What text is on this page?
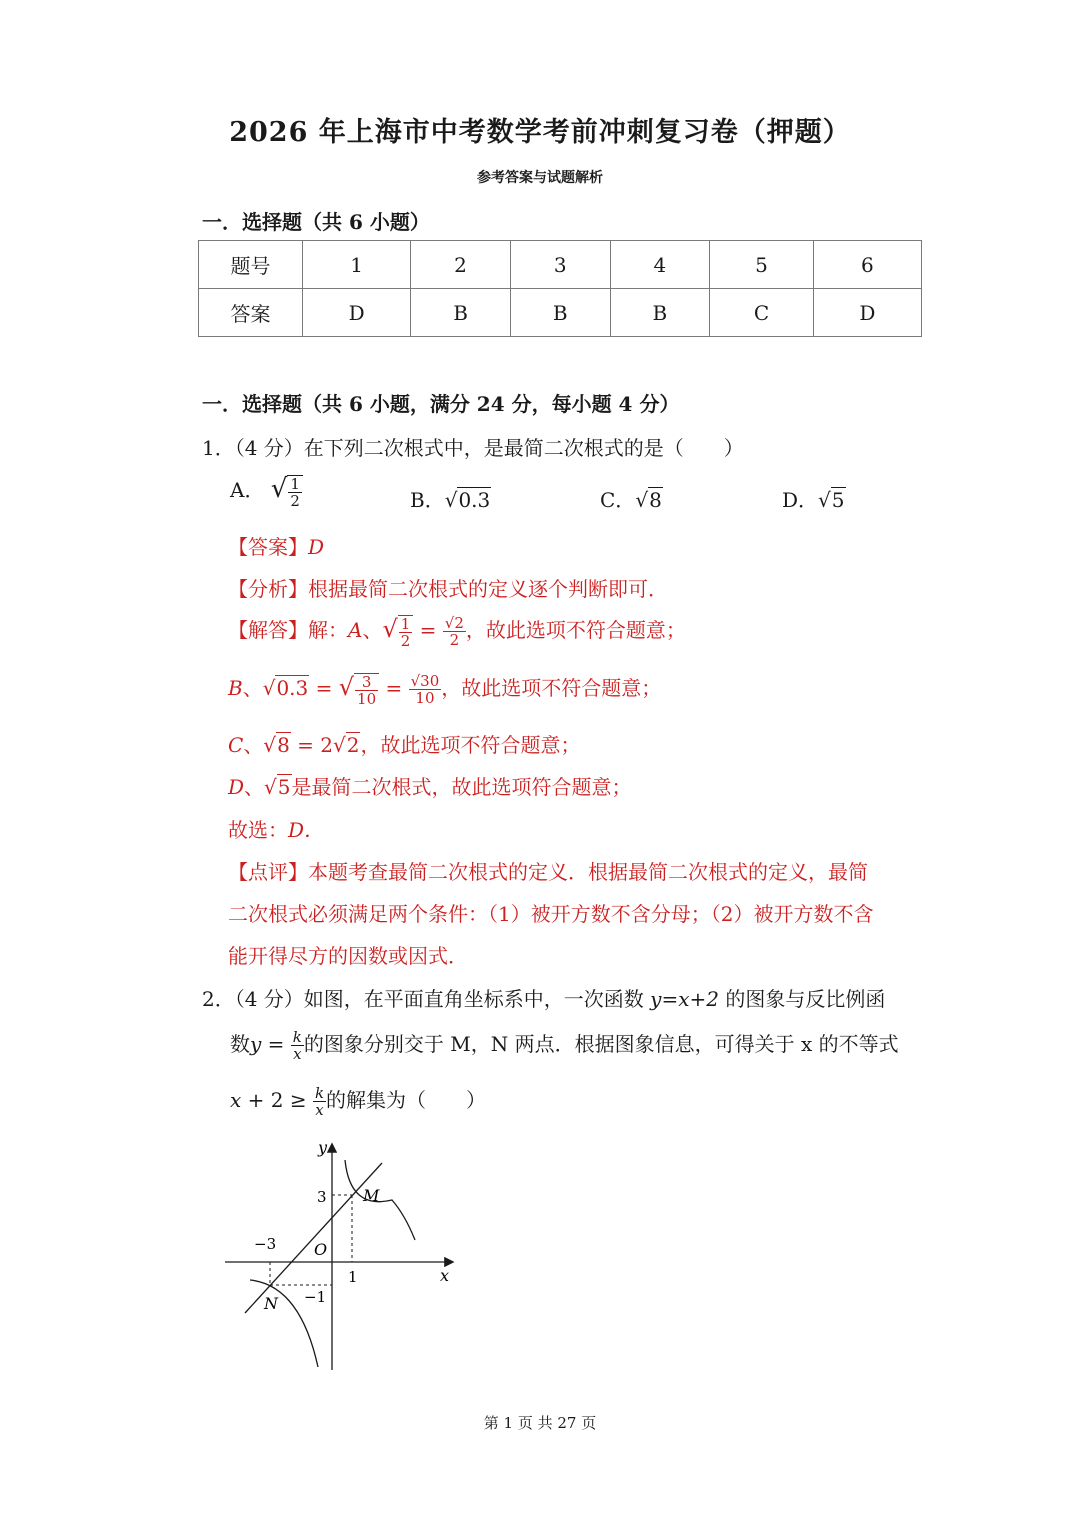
2026 年上海市中考数学考前冲刺复习卷（押题）
参考答案与试题解析
一．选择题（共 6 小题）
题号	1	2	3	4	5	6
答案	D	B	B	B	C	D
一．选择题（共 6 小题，满分 24 分，每小题 4 分）
1．（4 分）在下列二次根式中，是最简二次根式的是（　　）
A． √ $\frac{1}{2}$	B．√0.3	C．√8	D．√5
【答案】D
【分析】根据最简二次根式的定义逐个判断即可．
【解答】解：A、√ $\frac{1}{2} = \frac{√2}{2}$ ，故此选项不符合题意；
B、√0.3 = √ $\frac{3}{10} = \frac{√30}{10}$ ，故此选项不符合题意；
C、√8 = 2√2，故此选项不符合题意；
D、√5是最简二次根式，故此选项符合题意；
故选：D．
【点评】本题考查最简二次根式的定义．根据最简二次根式的定义，最简
二次根式必须满足两个条件：（1）被开方数不含分母；（2）被开方数不含
能开得尽方的因数或因式．
2．（4 分）如图，在平面直角坐标系中，一次函数 y=x+2 的图象与反比例函
数$y = \frac{k}{x}$ 的图象分别交于 M，N 两点．根据图象信息，可得关于 x 的不等式
$x + 2 \ge \frac{k}{x}$ 的解集为（　　）
y
x
O
M
N
3
−3
1
−1
第 1 页 共 27 页
